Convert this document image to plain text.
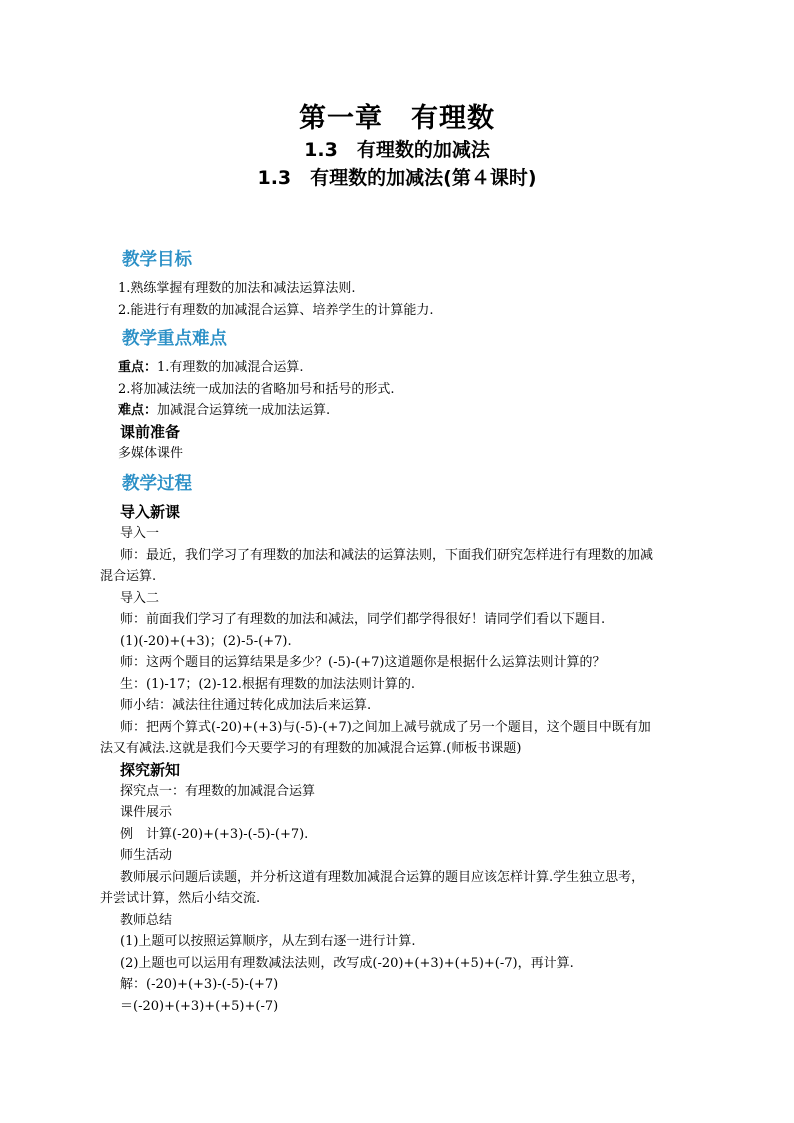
第一章　有理数
1.3　有理数的加减法
1.3　有理数的加减法(第４课时)
教学目标

1.熟练掌握有理数的加法和减法运算法则.

2.能进行有理数的加减混合运算、培养学生的计算能力.

教学重点难点

重点：1.有理数的加减混合运算.

2.将加减法统一成加法的省略加号和括号的形式.

难点：加减混合运算统一成加法运算.

课前准备

多媒体课件

教学过程
导入新课

导入一

师：最近，我们学习了有理数的加法和减法的运算法则，下面我们研究怎样进行有理数的加减

混合运算.

导入二

师：前面我们学习了有理数的加法和减法，同学们都学得很好！请同学们看以下题目.

(1)(-20)+(+3)；(2)-5-(+7).

师：这两个题目的运算结果是多少？(-5)-(+7)这道题你是根据什么运算法则计算的？

生：(1)-17；(2)-12.根据有理数的加法法则计算的.

师小结：减法往往通过转化成加法后来运算.

师：把两个算式(-20)+(+3)与(-5)-(+7)之间加上减号就成了另一个题目，这个题目中既有加

法又有减法.这就是我们今天要学习的有理数的加减混合运算.(师板书课题)

探究新知

探究点一：有理数的加减混合运算

课件展示

例　计算(-20)+(+3)-(-5)-(+7).

师生活动

教师展示问题后读题，并分析这道有理数加减混合运算的题目应该怎样计算.学生独立思考，

并尝试计算，然后小结交流.

教师总结

(1)上题可以按照运算顺序，从左到右逐一进行计算.

(2)上题也可以运用有理数减法法则，改写成(-20)+(+3)+(+5)+(-7)，再计算.

解：(-20)+(+3)-(-5)-(+7)

＝(-20)+(+3)+(+5)+(-7)
